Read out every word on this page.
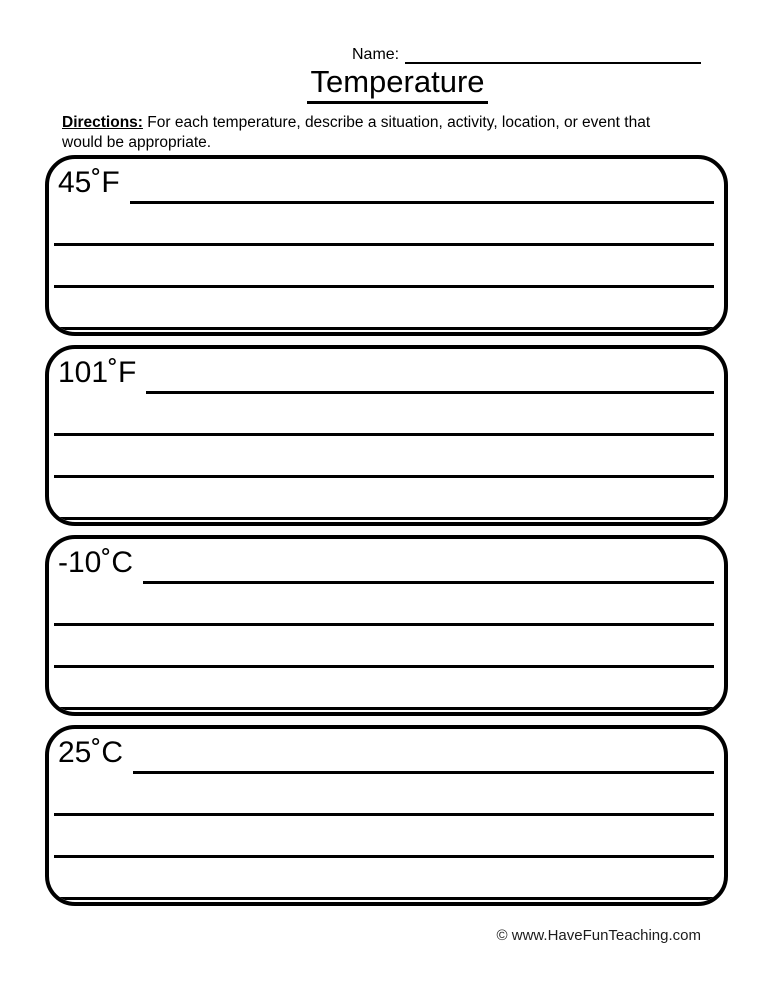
Name:
Temperature
Directions: For each temperature, describe a situation, activity, location, or event that
would be appropriate.
45˚F
101˚F
-10˚C
25˚C
© www.HaveFunTeaching.com
